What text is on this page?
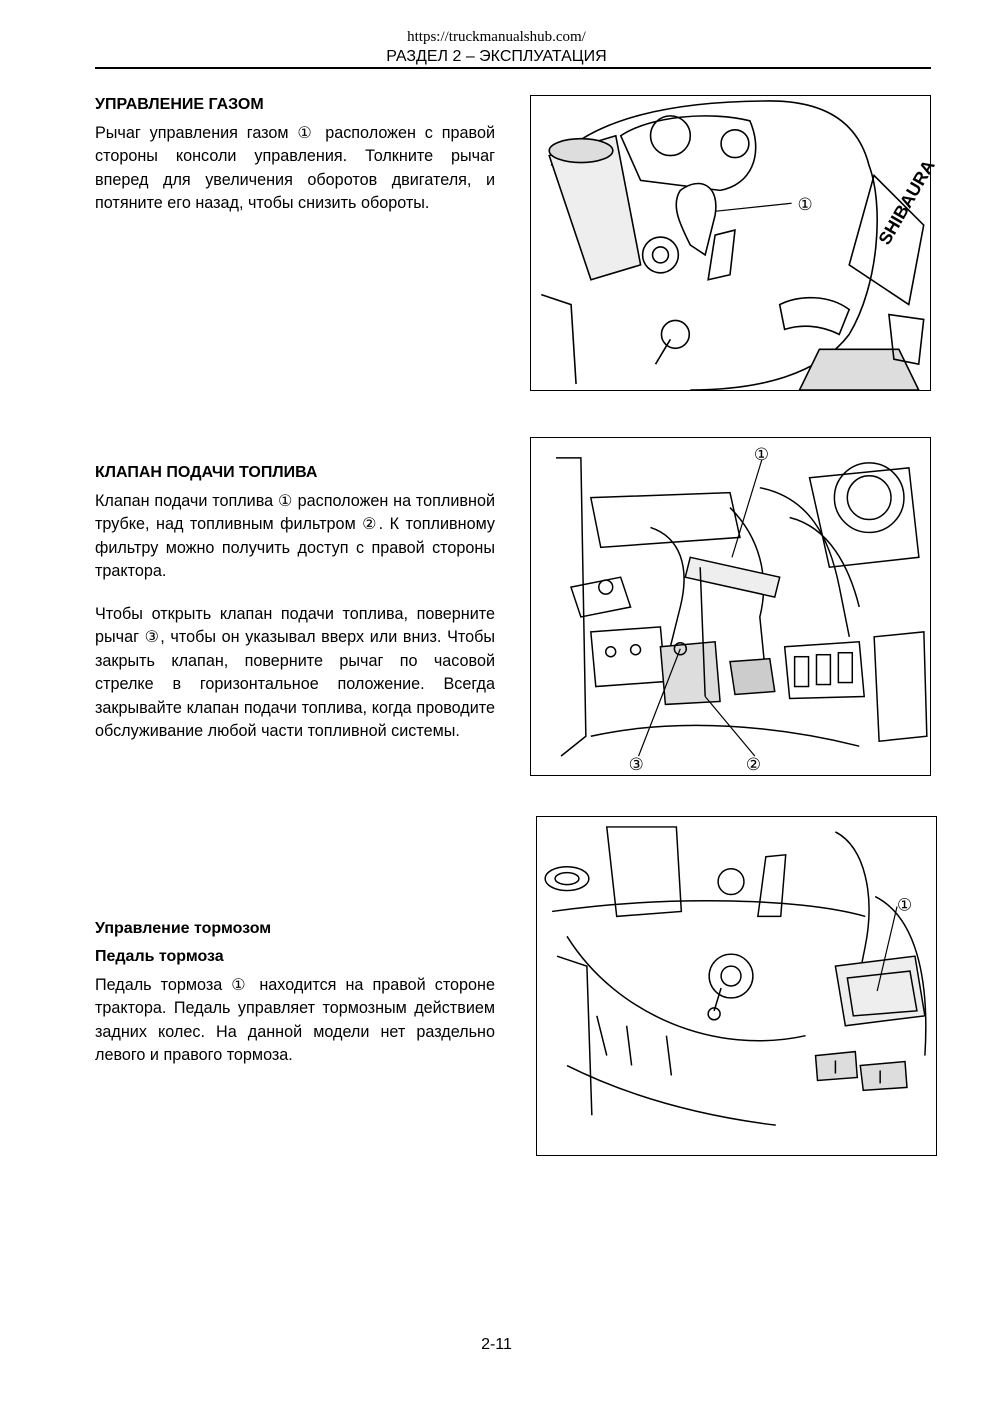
https://truckmanualshub.com/
РАЗДЕЛ 2 – ЭКСПЛУАТАЦИЯ
УПРАВЛЕНИЕ ГАЗОМ
Рычаг управления газом ① расположен с правой стороны консоли управления. Толкните рычаг вперед для увеличения оборотов двигателя, и потяните его назад, чтобы снизить обороты.	SHIBAURA
①
КЛАПАН ПОДАЧИ ТОПЛИВА
Клапан подачи топлива ① расположен на топливной трубке, над топливным фильтром ②. К топливному фильтру можно получить доступ с правой стороны трактора.
Чтобы открыть клапан подачи топлива, поверните рычаг ③, чтобы он указывал вверх или вниз. Чтобы закрыть клапан, поверните рычаг по часовой стрелке в горизонтальное положение. Всегда закрывайте клапан подачи топлива, когда проводите обслуживание любой части топливной системы.
①
③	②
Управление тормозом
Педаль тормоза
Педаль тормоза ① находится на правой стороне трактора. Педаль управляет тормозным действием задних колес. На данной модели нет раздельно левого и правого тормоза.
①
2-11
